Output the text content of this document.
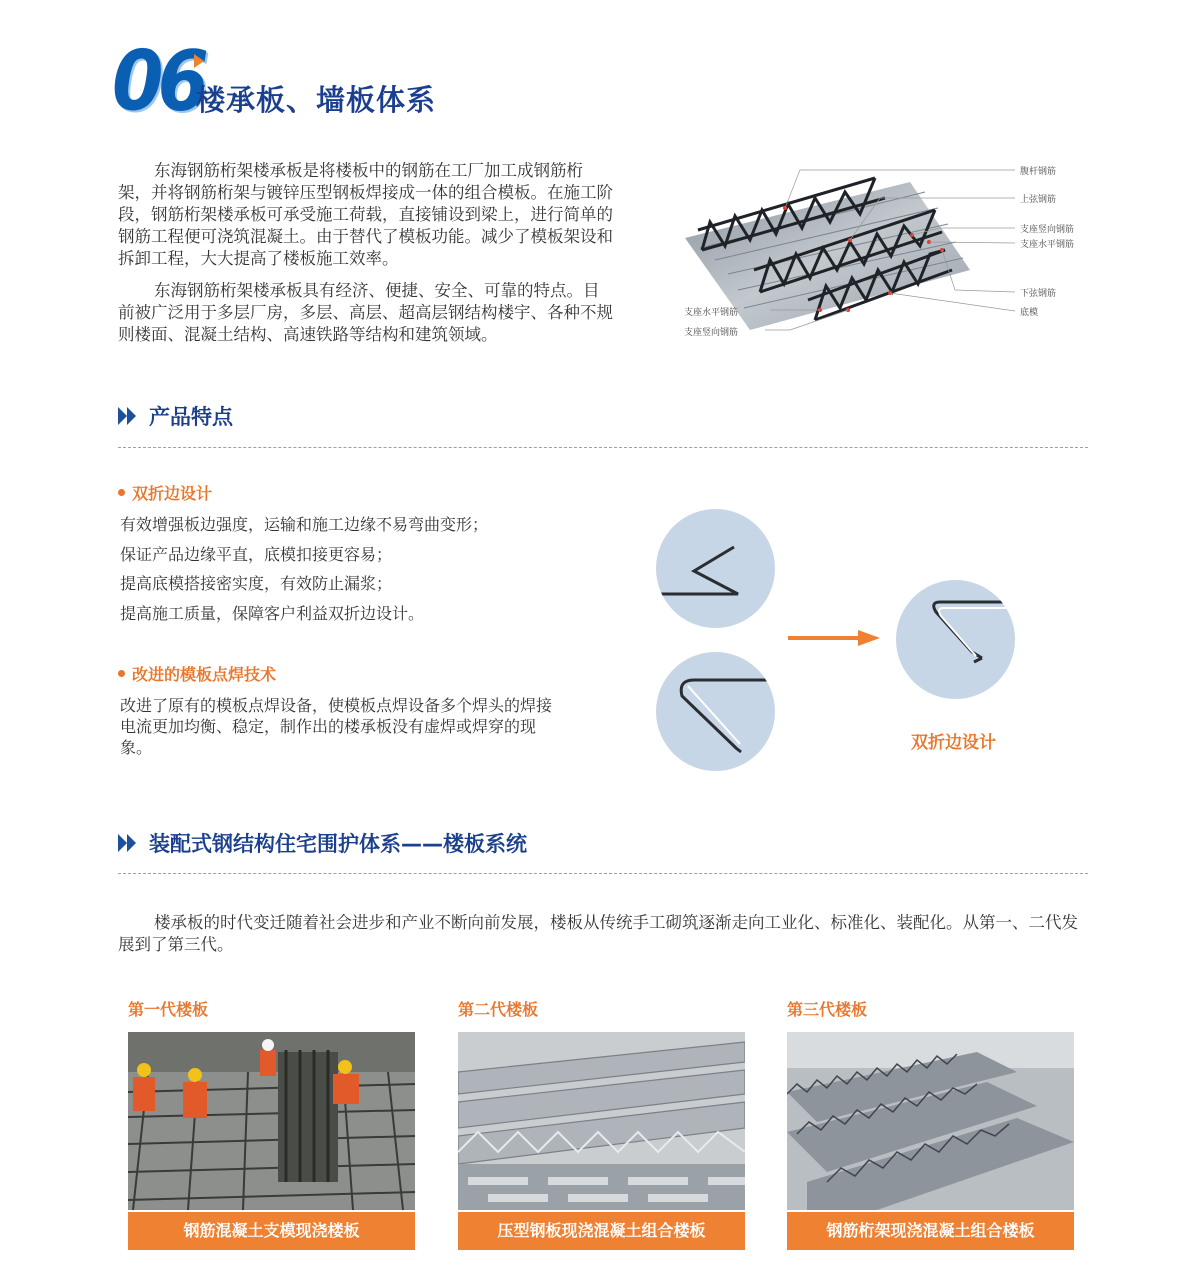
06
楼承板、墙板体系
东海钢筋桁架楼承板是将楼板中的钢筋在工厂加工成钢筋桁架，并将钢筋桁架与镀锌压型钢板焊接成一体的组合模板。在施工阶段，钢筋桁架楼承板可承受施工荷载，直接铺设到梁上，进行简单的钢筋工程便可浇筑混凝土。由于替代了模板功能。减少了模板架设和拆卸工程，大大提高了楼板施工效率。
东海钢筋桁架楼承板具有经济、便捷、安全、可靠的特点。目前被广泛用于多层厂房，多层、高层、超高层钢结构楼宇、各种不规则楼面、混凝土结构、高速铁路等结构和建筑领域。
腹杆钢筋
上弦钢筋
支座竖向钢筋
支座水平钢筋
下弦钢筋
底模
支座水平钢筋
支座竖向钢筋
产品特点
双折边设计
有效增强板边强度，运输和施工边缘不易弯曲变形；
保证产品边缘平直，底模扣接更容易；
提高底模搭接密实度，有效防止漏浆；
提高施工质量，保障客户利益双折边设计。
改进的模板点焊技术
改进了原有的模板点焊设备，使模板点焊设备多个焊头的焊接电流更加均衡、稳定，制作出的楼承板没有虚焊或焊穿的现象。	双折边设计
装配式钢结构住宅围护体系——楼板系统
楼承板的时代变迁随着社会进步和产业不断向前发展，楼板从传统手工砌筑逐渐走向工业化、标准化、装配化。从第一、二代发展到了第三代。
第一代楼板
钢筋混凝土支模现浇楼板
第二代楼板
压型钢板现浇混凝土组合楼板
第三代楼板
钢筋桁架现浇混凝土组合楼板
